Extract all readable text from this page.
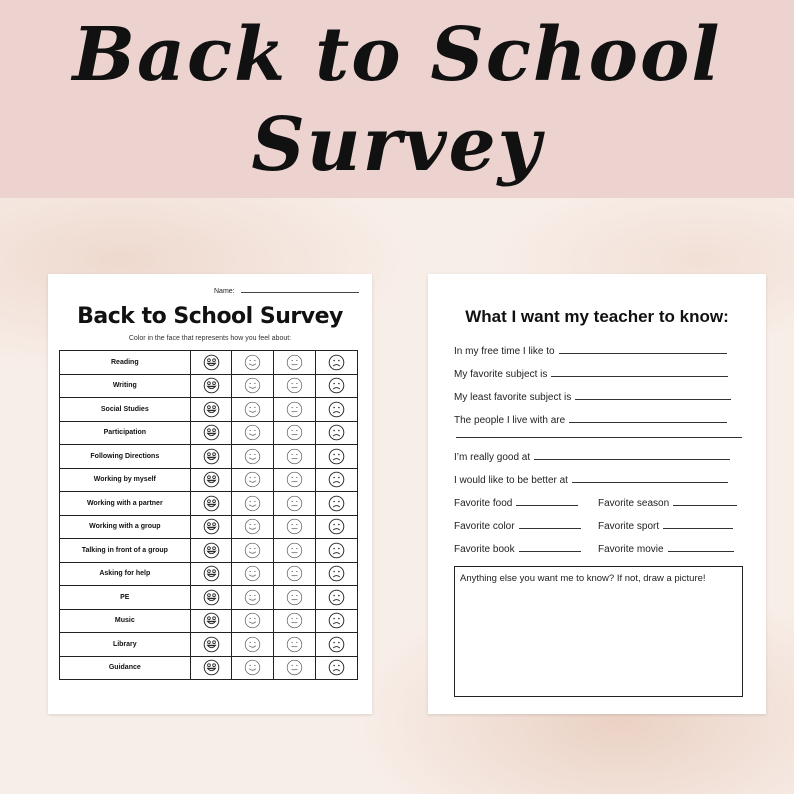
Back to School
Survey
Name:
Back to School Survey
Color in the face that represents how you feel about:
Reading	

Writing	

Social Studies	

Participation	

Following Directions	

Working by myself	

Working with a partner	

Working with a group	

Talking in front of a group	

Asking for help	

PE	

Music	

Library	

Guidance	

What I want my teacher to know:
In my free time I like to
My favorite subject is
My least favorite subject is
The people I live with are
I’m really good at
I would like to be better at
Favorite food	Favorite season
Favorite color	Favorite sport
Favorite book	Favorite movie
Anything else you want me to know? If not, draw a picture!
